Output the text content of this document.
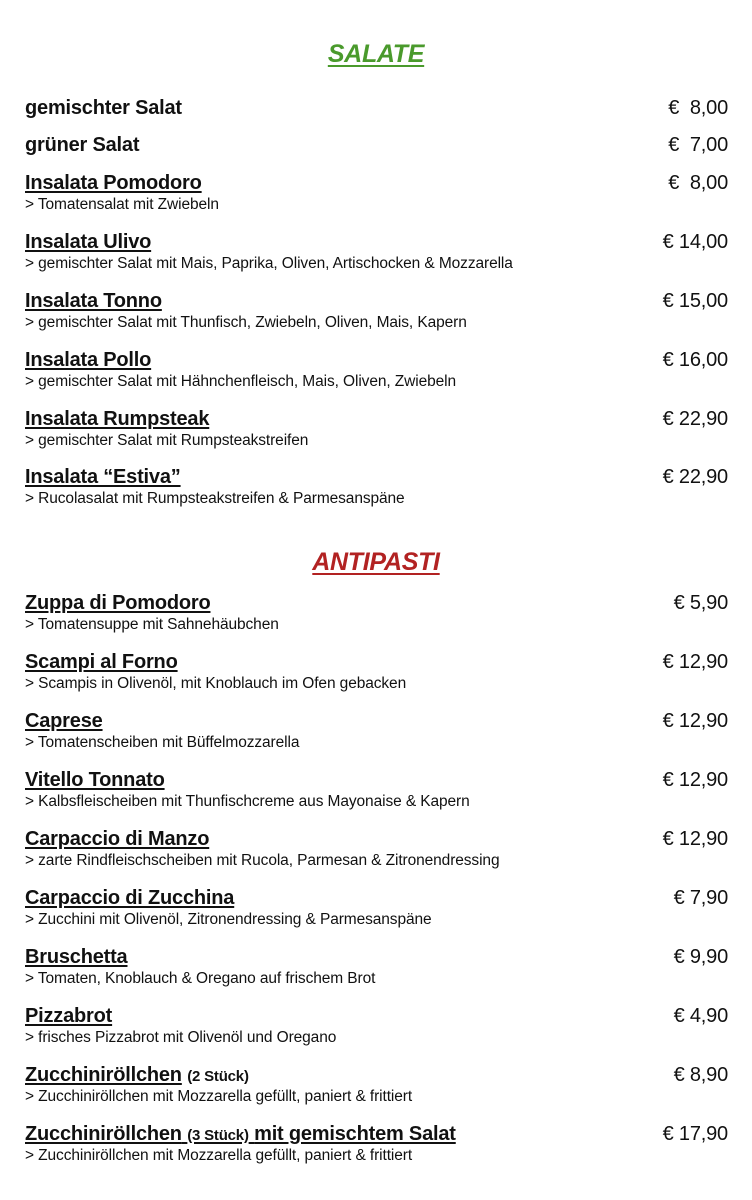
SALATE
gemischter Salat	€  8,00
grüner Salat	€  7,00
Insalata Pomodoro
> Tomatensalat mit Zwiebeln
€  8,00
Insalata Ulivo
> gemischter Salat mit Mais, Paprika, Oliven, Artischocken & Mozzarella
€ 14,00
Insalata Tonno
> gemischter Salat mit Thunfisch, Zwiebeln, Oliven, Mais, Kapern
€ 15,00
Insalata Pollo
> gemischter Salat mit Hähnchenfleisch, Mais, Oliven, Zwiebeln
€ 16,00
Insalata Rumpsteak
> gemischter Salat mit Rumpsteakstreifen
€ 22,90
Insalata “Estiva”
> Rucolasalat mit Rumpsteakstreifen & Parmesanspäne
€ 22,90
ANTIPASTI
Zuppa di Pomodoro
> Tomatensuppe mit Sahnehäubchen
€ 5,90
Scampi al Forno
> Scampis in Olivenöl, mit Knoblauch im Ofen gebacken
€ 12,90
Caprese
> Tomatenscheiben mit Büffelmozzarella
€ 12,90
Vitello Tonnato
> Kalbsfleischeiben mit Thunfischcreme aus Mayonaise & Kapern
€ 12,90
Carpaccio di Manzo
> zarte Rindfleischscheiben mit Rucola, Parmesan & Zitronendressing
€ 12,90
Carpaccio di Zucchina
> Zucchini mit Olivenöl, Zitronendressing & Parmesanspäne
€ 7,90
Bruschetta
> Tomaten, Knoblauch & Oregano auf frischem Brot
€ 9,90
Pizzabrot
> frisches Pizzabrot mit Olivenöl und Oregano
€ 4,90
Zucchiniröllchen (2 Stück)
> Zucchiniröllchen mit Mozzarella gefüllt, paniert & frittiert
€ 8,90
Zucchiniröllchen (3 Stück) mit gemischtem Salat
> Zucchiniröllchen mit Mozzarella gefüllt, paniert & frittiert
€ 17,90
